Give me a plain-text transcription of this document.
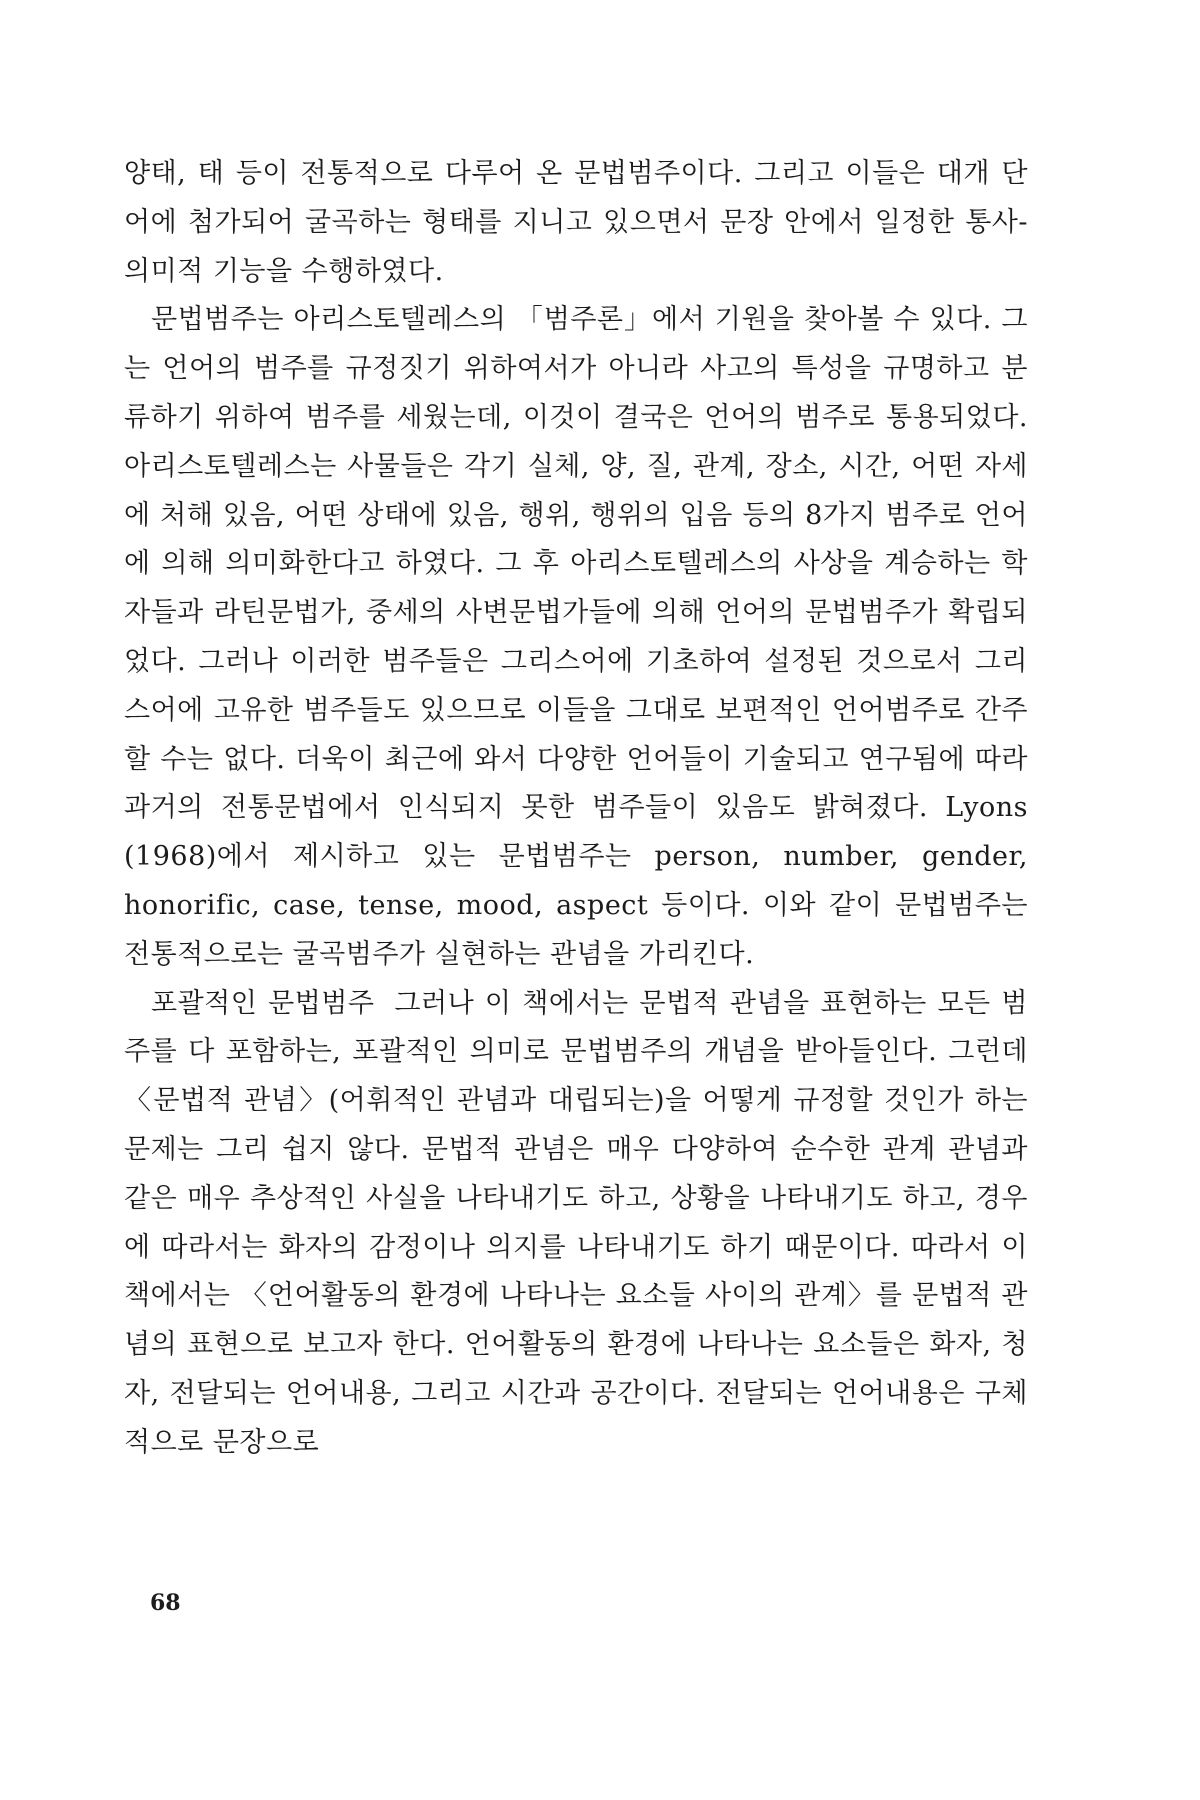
양태, 태 등이 전통적으로 다루어 온 문법범주이다. 그리고 이들은 대개 단어에 첨가되어 굴곡하는 형태를 지니고 있으면서 문장 안에서 일정한 통사-의미적 기능을 수행하였다.

문법범주는 아리스토텔레스의 「범주론」에서 기원을 찾아볼 수 있다. 그는 언어의 범주를 규정짓기 위하여서가 아니라 사고의 특성을 규명하고 분류하기 위하여 범주를 세웠는데, 이것이 결국은 언어의 범주로 통용되었다. 아리스토텔레스는 사물들은 각기 실체, 양, 질, 관계, 장소, 시간, 어떤 자세에 처해 있음, 어떤 상태에 있음, 행위, 행위의 입음 등의 8가지 범주로 언어에 의해 의미화한다고 하였다. 그 후 아리스토텔레스의 사상을 계승하는 학자들과 라틴문법가, 중세의 사변문법가들에 의해 언어의 문법범주가 확립되었다. 그러나 이러한 범주들은 그리스어에 기초하여 설정된 것으로서 그리스어에 고유한 범주들도 있으므로 이들을 그대로 보편적인 언어범주로 간주할 수는 없다. 더욱이 최근에 와서 다양한 언어들이 기술되고 연구됨에 따라 과거의 전통문법에서 인식되지 못한 범주들이 있음도 밝혀졌다. Lyons (1968)에서 제시하고 있는 문법범주는 person, number, gender, honorific, case, tense, mood, aspect 등이다. 이와 같이 문법범주는 전통적으로는 굴곡범주가 실현하는 관념을 가리킨다.

포괄적인 문법범주 그러나 이 책에서는 문법적 관념을 표현하는 모든 범주를 다 포함하는, 포괄적인 의미로 문법범주의 개념을 받아들인다. 그런데 〈문법적 관념〉(어휘적인 관념과 대립되는)을 어떻게 규정할 것인가 하는 문제는 그리 쉽지 않다. 문법적 관념은 매우 다양하여 순수한 관계 관념과 같은 매우 추상적인 사실을 나타내기도 하고, 상황을 나타내기도 하고, 경우에 따라서는 화자의 감정이나 의지를 나타내기도 하기 때문이다. 따라서 이 책에서는 〈언어활동의 환경에 나타나는 요소들 사이의 관계〉를 문법적 관념의 표현으로 보고자 한다. 언어활동의 환경에 나타나는 요소들은 화자, 청자, 전달되는 언어내용, 그리고 시간과 공간이다. 전달되는 언어내용은 구체적으로 문장으로

68
